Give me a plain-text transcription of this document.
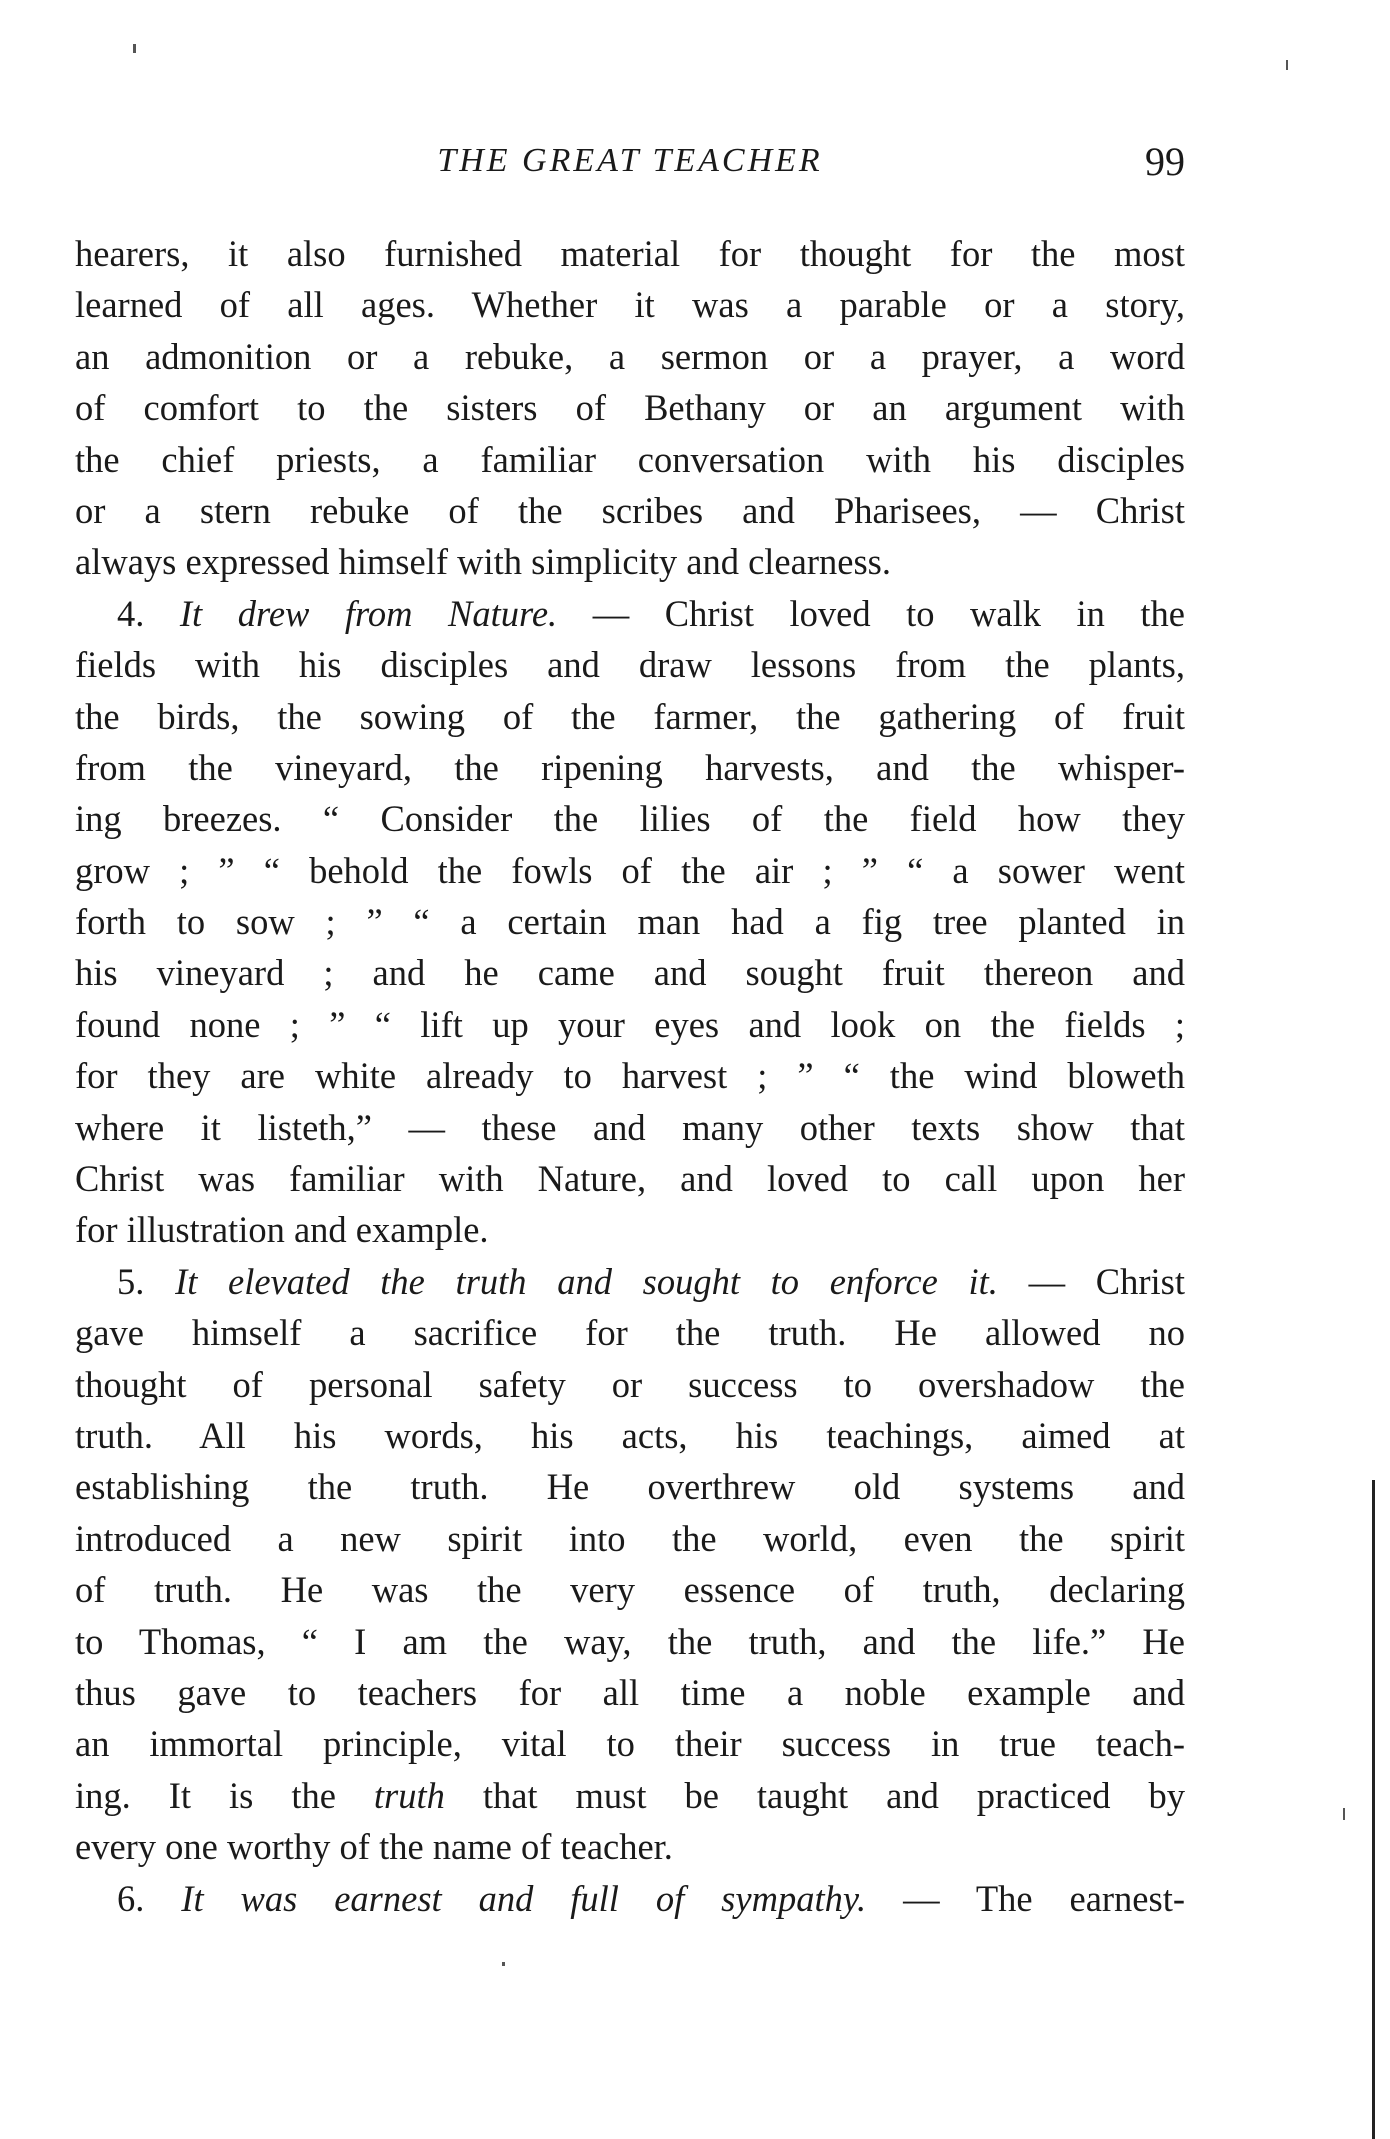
THE GREAT TEACHER	99
hearers, it also furnished material for thought for the most
learned of all ages. Whether it was a parable or a story,
an admonition or a rebuke, a sermon or a prayer, a word
of comfort to the sisters of Bethany or an argument with
the chief priests, a familiar conversation with his disciples
or a stern rebuke of the scribes and Pharisees, — Christ
always expressed himself with simplicity and clearness.
4. It drew from Nature. — Christ loved to walk in the
fields with his disciples and draw lessons from the plants,
the birds, the sowing of the farmer, the gathering of fruit
from the vineyard, the ripening harvests, and the whisper-
ing breezes. “ Consider the lilies of the field how they
grow ; ” “ behold the fowls of the air ; ” “ a sower went
forth to sow ; ” “ a certain man had a fig tree planted in
his vineyard ; and he came and sought fruit thereon and
found none ; ” “ lift up your eyes and look on the fields ;
for they are white already to harvest ; ” “ the wind bloweth
where it listeth,” — these and many other texts show that
Christ was familiar with Nature, and loved to call upon her
for illustration and example.
5. It elevated the truth and sought to enforce it. — Christ
gave himself a sacrifice for the truth. He allowed no
thought of personal safety or success to overshadow the
truth. All his words, his acts, his teachings, aimed at
establishing the truth. He overthrew old systems and
introduced a new spirit into the world, even the spirit
of truth. He was the very essence of truth, declaring
to Thomas, “ I am the way, the truth, and the life.” He
thus gave to teachers for all time a noble example and
an immortal principle, vital to their success in true teach-
ing. It is the truth that must be taught and practiced by
every one worthy of the name of teacher.
6. It was earnest and full of sympathy. — The earnest-
